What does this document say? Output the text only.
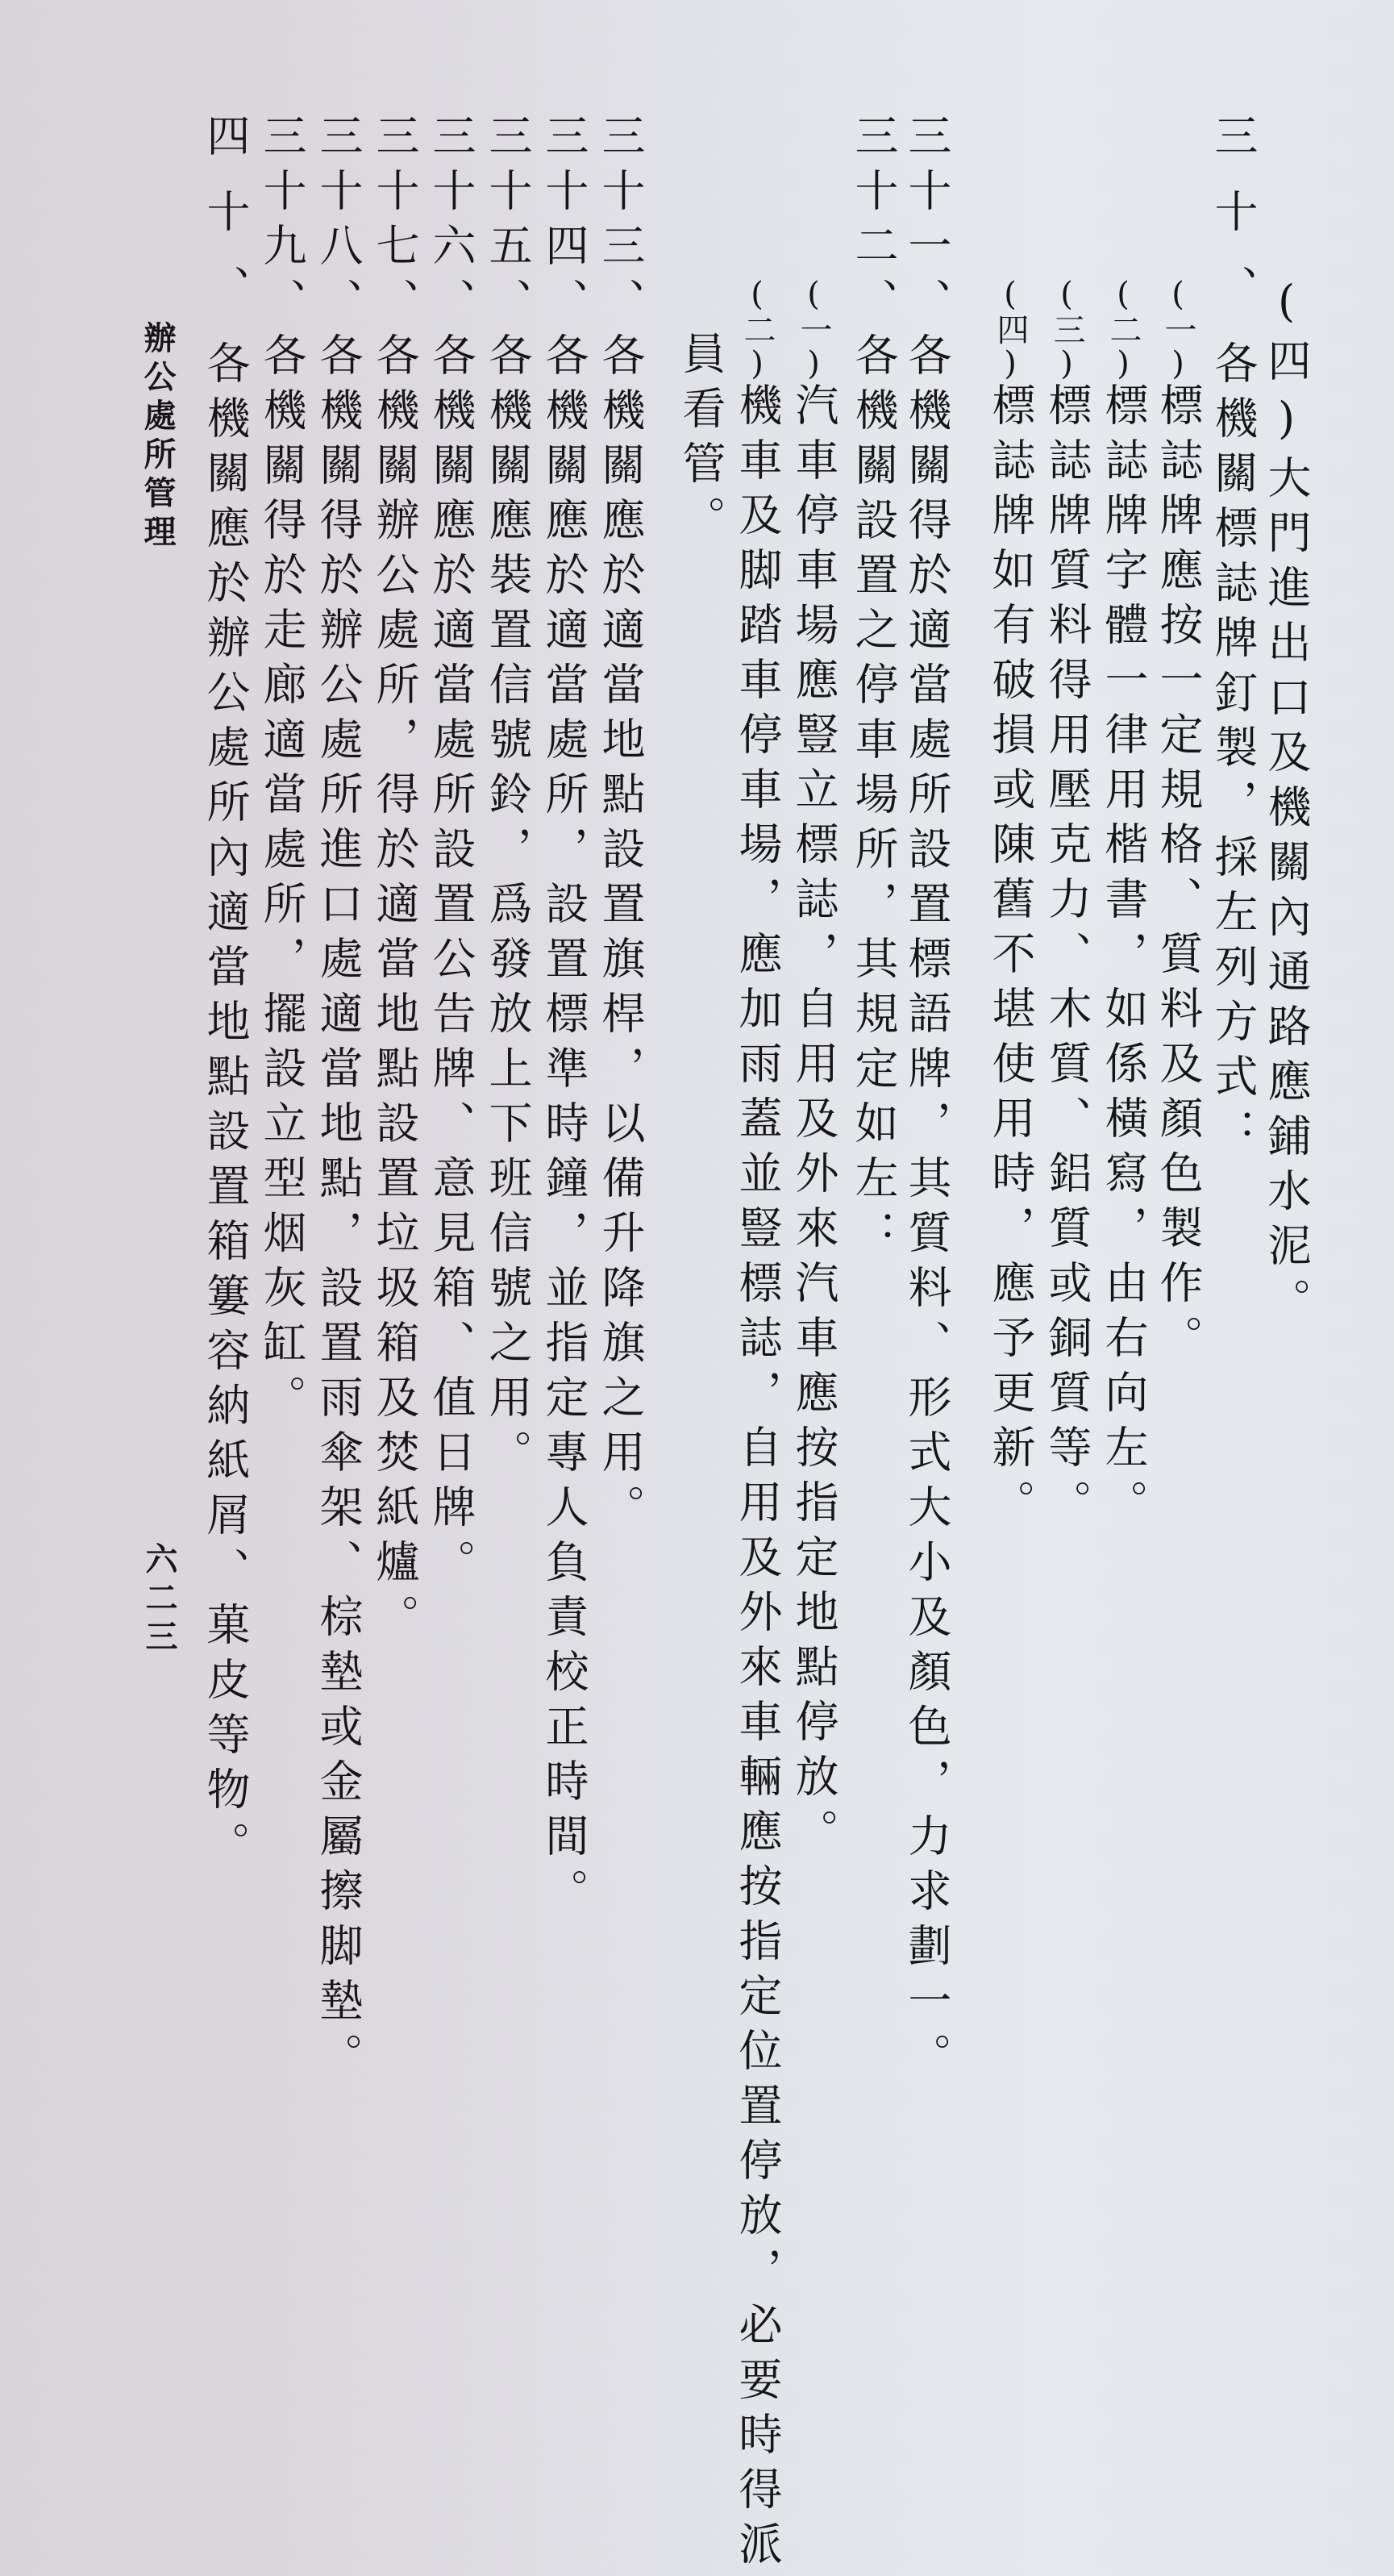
(四)大門進出口及機關內通路應鋪水泥。
三十、各機關標誌牌釘製，採左列方式：
(一)標誌牌應按一定規格、質料及顏色製作。
(二)標誌牌字體一律用楷書，如係橫寫，由右向左。
(三)標誌牌質料得用壓克力、木質、鋁質或銅質等。
(四)標誌牌如有破損或陳舊不堪使用時，應予更新。
三十一、各機關得於適當處所設置標語牌，其質料、形式大小及顏色，力求劃一。
三十二、各機關設置之停車場所，其規定如左：
(一)汽車停車場應豎立標誌，自用及外來汽車應按指定地點停放。
(二)機車及脚踏車停車場，應加雨蓋並豎標誌，自用及外來車輛應按指定位置停放，必要時得派
員看管。
三十三、各機關應於適當地點設置旗桿，以備升降旗之用。
三十四、各機關應於適當處所，設置標準時鐘，並指定專人負責校正時間。
三十五、各機關應裝置信號鈴，爲發放上下班信號之用。
三十六、各機關應於適當處所設置公告牌、意見箱、值日牌。
三十七、各機關辦公處所，得於適當地點設置垃圾箱及焚紙爐。
三十八、各機關得於辦公處所進口處適當地點，設置雨傘架、棕墊或金屬擦脚墊。
三十九、各機關得於走廊適當處所，擺設立型烟灰缸。
四十、各機關應於辦公處所內適當地點設置箱簍容納紙屑、菓皮等物。
辦公處所管理
六二三
